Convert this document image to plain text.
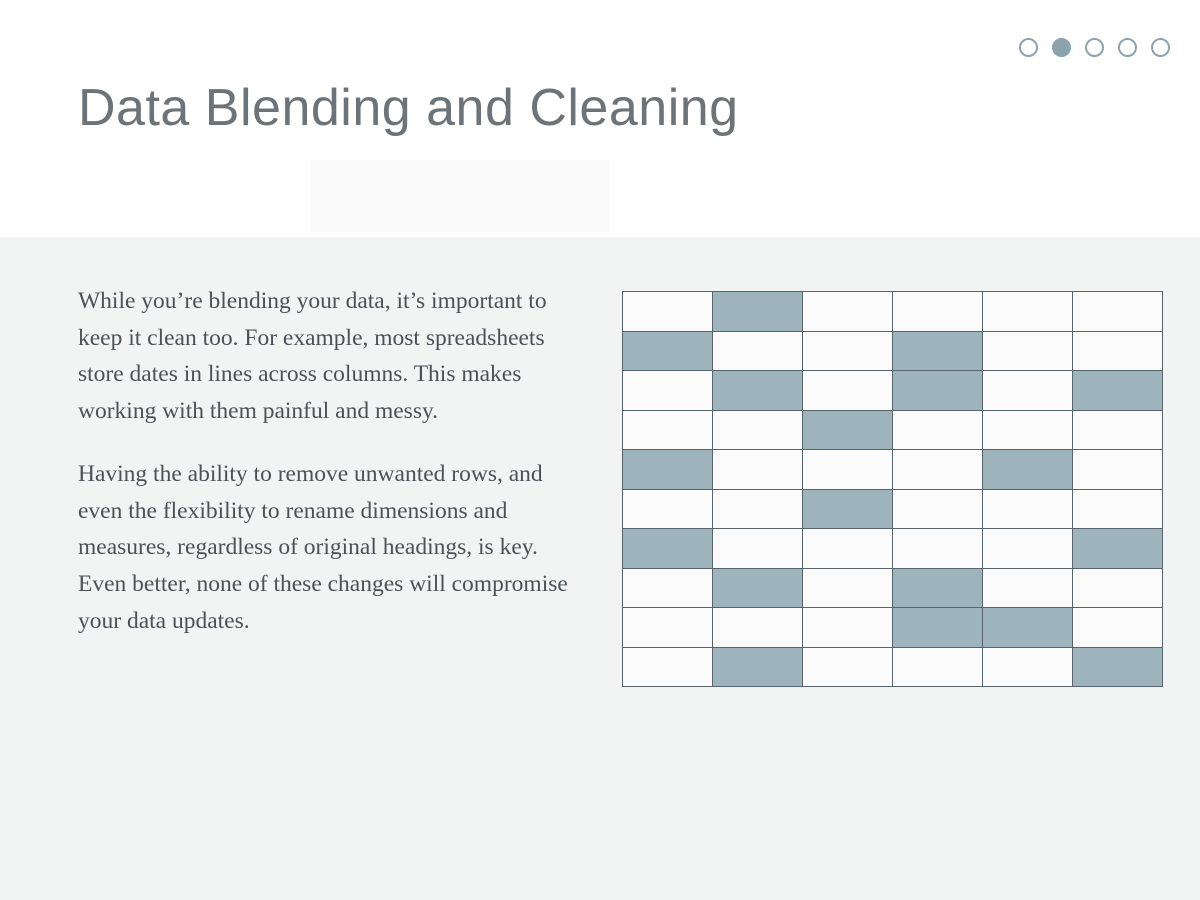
Data Blending and Cleaning

While you’re blending your data, it’s important to keep it clean too. For example, most spreadsheets store dates in lines across columns. This makes working with them painful and messy.

Having the ability to remove unwanted rows, and even the flexibility to rename dimensions and measures, regardless of original headings, is key. Even better, none of these changes will compromise your data updates.
